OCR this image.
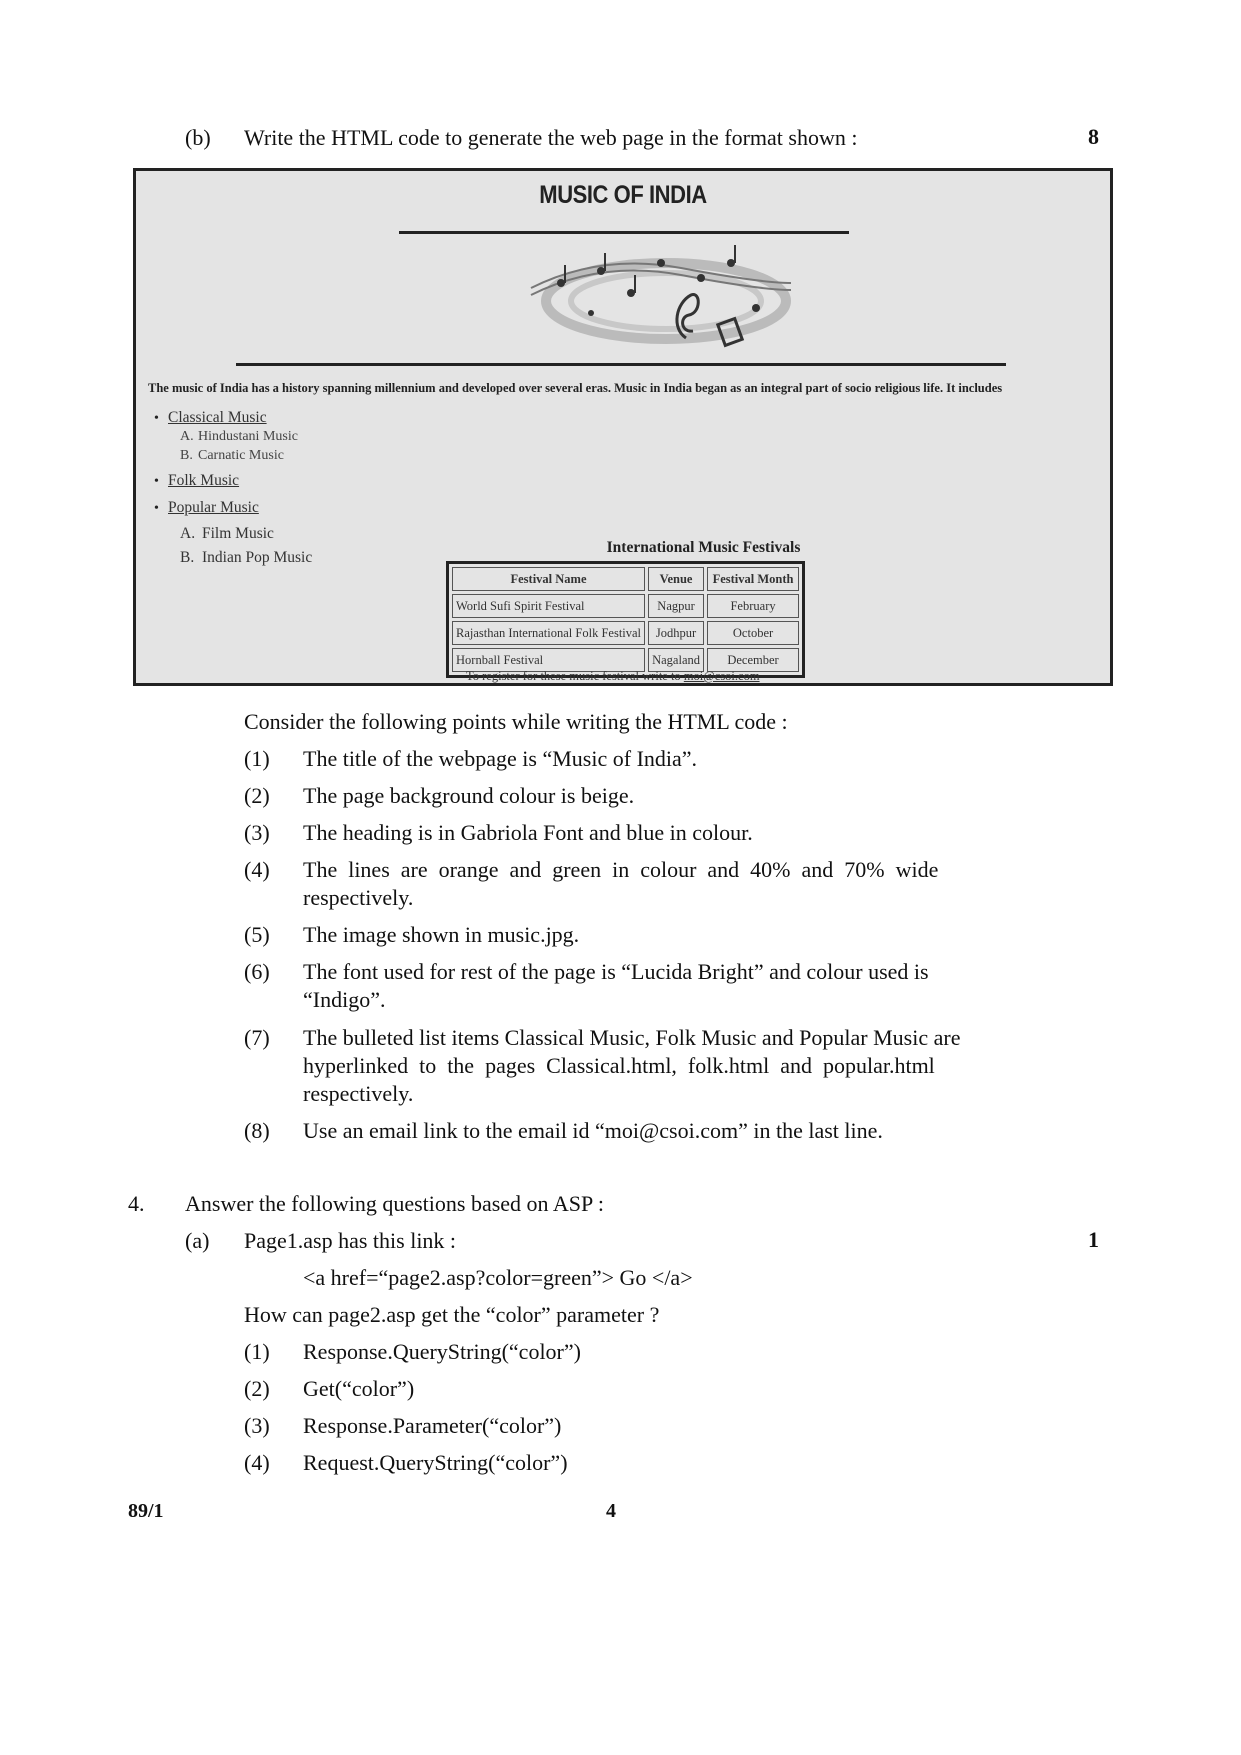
(b) Write the HTML code to generate the web page in the format shown :	8
MUSIC OF INDIA
The music of India has a history spanning millennium and developed over several eras. Music in India began as an integral part of socio religious life. It includes
• Classical Music
A. Hindustani Music
B. Carnatic Music
• Folk Music
• Popular Music
A. Film Music
B. Indian Pop Music
International Music Festivals
Festival Name	Venue	Festival Month
World Sufi Spirit Festival	Nagpur	February
Rajasthan International Folk Festival	Jodhpur	October
Hornball Festival	Nagaland	December
To register for these music festival write to moi@csoi.com
Consider the following points while writing the HTML code :
(1) The title of the webpage is “Music of India”.
(2) The page background colour is beige.
(3) The heading is in Gabriola Font and blue in colour.
(4) The  lines  are  orange  and  green  in  colour  and  40%  and  70%  wide
respectively.
(5) The image shown in music.jpg.
(6) The font used for rest of the page is “Lucida Bright” and colour used is
“Indigo”.
(7) The bulleted list items Classical Music, Folk Music and Popular Music are
hyperlinked  to  the  pages  Classical.html,  folk.html  and  popular.html
respectively.
(8) Use an email link to the email id “moi@csoi.com” in the last line.
4. Answer the following questions based on ASP :
(a) Page1.asp has this link :	1
<a href=“page2.asp?color=green”> Go </a>
How can page2.asp get the “color” parameter ?
(1) Response.QueryString(“color”)
(2) Get(“color”)
(3) Response.Parameter(“color”)
(4) Request.QueryString(“color”)
89/1	4
